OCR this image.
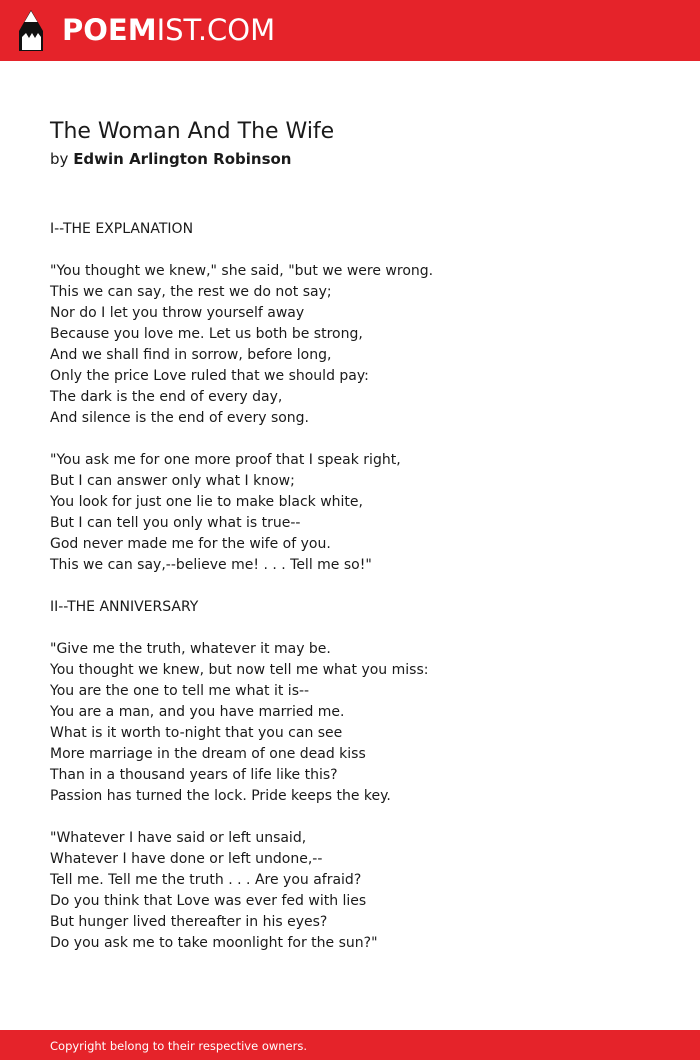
POEMIST.COM
The Woman And The Wife
by Edwin Arlington Robinson
I--THE EXPLANATION
"You thought we knew," she said, "but we were wrong.
This we can say, the rest we do not say;
Nor do I let you throw yourself away
Because you love me. Let us both be strong,
And we shall find in sorrow, before long,
Only the price Love ruled that we should pay:
The dark is the end of every day,
And silence is the end of every song.
"You ask me for one more proof that I speak right,
But I can answer only what I know;
You look for just one lie to make black white,
But I can tell you only what is true--
God never made me for the wife of you.
This we can say,--believe me! . . . Tell me so!"
II--THE ANNIVERSARY
"Give me the truth, whatever it may be.
You thought we knew, but now tell me what you miss:
You are the one to tell me what it is--
You are a man, and you have married me.
What is it worth to-night that you can see
More marriage in the dream of one dead kiss
Than in a thousand years of life like this?
Passion has turned the lock. Pride keeps the key.
"Whatever I have said or left unsaid,
Whatever I have done or left undone,--
Tell me. Tell me the truth . . . Are you afraid?
Do you think that Love was ever fed with lies
But hunger lived thereafter in his eyes?
Do you ask me to take moonlight for the sun?"
Copyright belong to their respective owners.
